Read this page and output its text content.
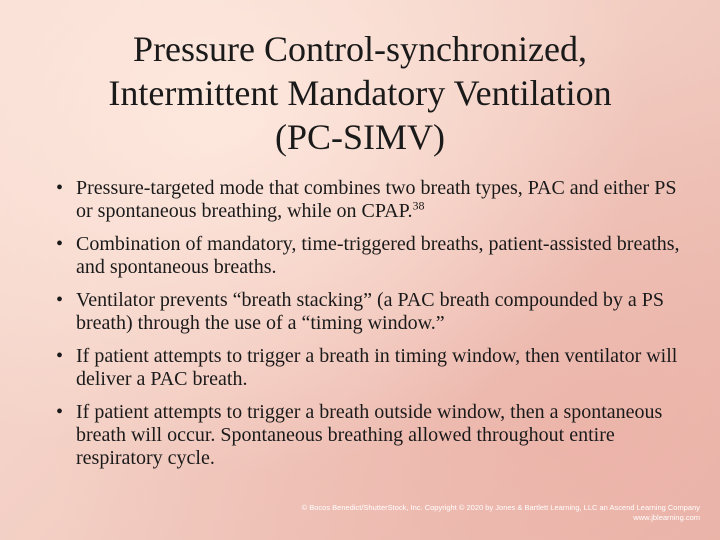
Pressure Control-synchronized,
Intermittent Mandatory Ventilation
(PC-SIMV)
• Pressure-targeted mode that combines two breath types, PAC and either PS or spontaneous breathing, while on CPAP.$^{38}$
• Combination of mandatory, time-triggered breaths, patient-assisted breaths, and spontaneous breaths.
• Ventilator prevents “breath stacking” (a PAC breath compounded by a PS breath) through the use of a “timing window.”
• If patient attempts to trigger a breath in timing window, then ventilator will deliver a PAC breath.
• If patient attempts to trigger a breath outside window, then a spontaneous breath will occur. Spontaneous breathing allowed throughout entire respiratory cycle.
© Bocos Benedict/ShutterStock, Inc. Copyright © 2020 by Jones & Bartlett Learning, LLC an Ascend Learning Company
www.jblearning.com
